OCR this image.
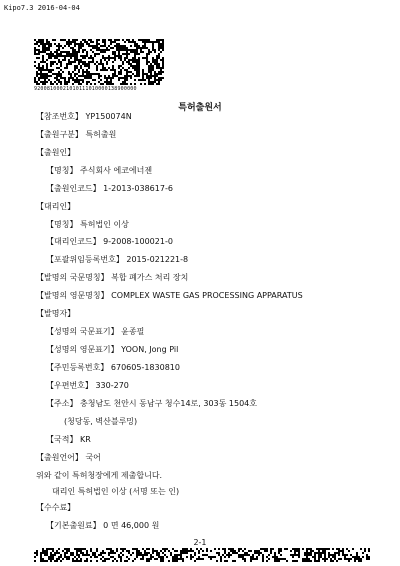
Kipo7.3 2016-04-04
92008100021010111010000138900000
특허출원서
【참조번호】 YP150074N
【출원구분】 특허출원
【출원인】
【명칭】 주식회사 에코에너젠
【출원인코드】 1-2013-038617-6
【대리인】
【명칭】 특허법인 이상
【대리인코드】 9-2008-100021-0
【포괄위임등록번호】 2015-021221-8
【발명의 국문명칭】 복합 폐가스 처리 장치
【발명의 영문명칭】 COMPLEX WASTE GAS PROCESSING APPARATUS
【발명자】
【성명의 국문표기】 윤종필
【성명의 영문표기】 YOON, Jong Pil
【주민등록번호】 670605-1830810
【우편번호】 330-270
【주소】 충청남도 천안시 동남구 청수14로, 303동 1504호
(청당동, 벽산블루밍)
【국적】 KR
【출원언어】 국어
위와 같이 특허청장에게 제출합니다.
대리인 특허법인 이상 (서명 또는 인)
【수수료】
【기본출원료】 0 면 46,000 원
2-1
